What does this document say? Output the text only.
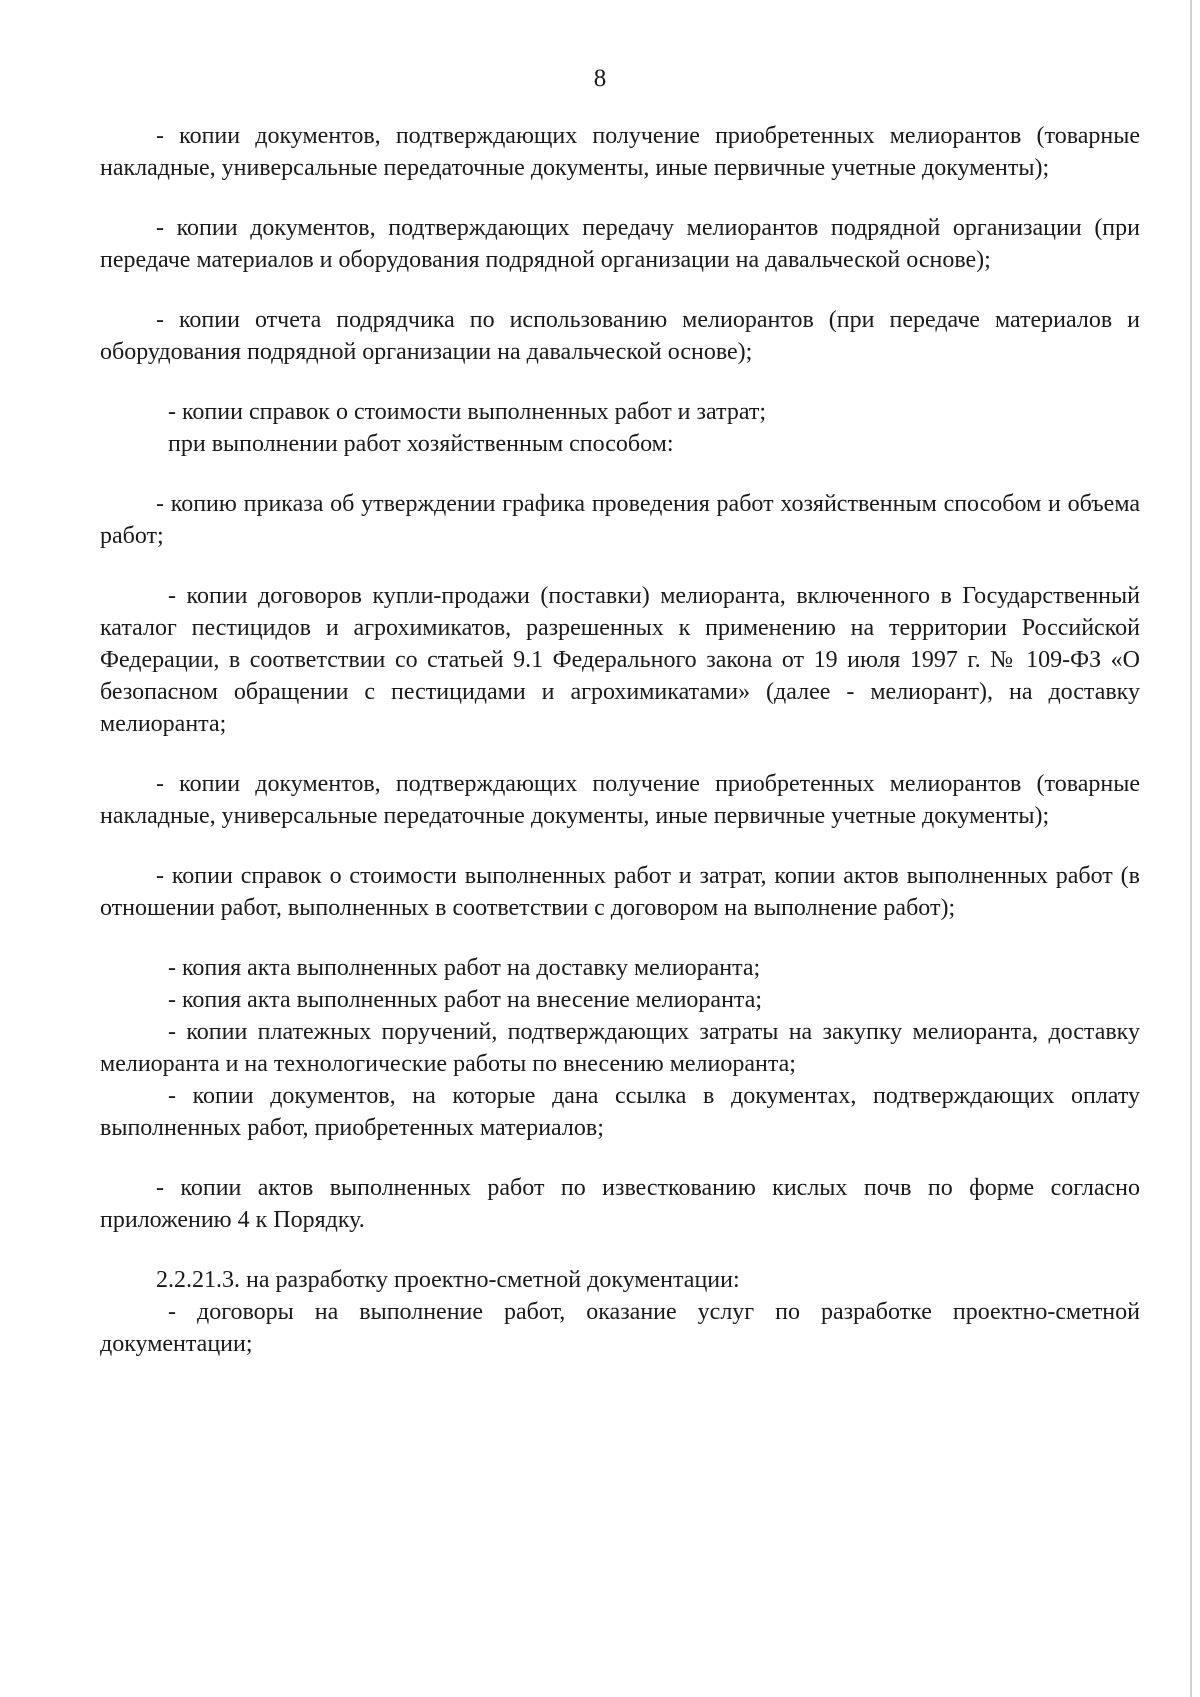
8

- копии документов, подтверждающих получение приобретенных мелиорантов (товарные накладные, универсальные передаточные документы, иные первичные учетные документы);

- копии документов, подтверждающих передачу мелиорантов подрядной организации (при передаче материалов и оборудования подрядной организации на давальческой основе);

- копии отчета подрядчика по использованию мелиорантов (при передаче материалов и оборудования подрядной организации на давальческой основе);

- копии справок о стоимости выполненных работ и затрат;

при выполнении работ хозяйственным способом:

- копию приказа об утверждении графика проведения работ хозяйственным способом и объема работ;

- копии договоров купли-продажи (поставки) мелиоранта, включенного в Государственный каталог пестицидов и агрохимикатов, разрешенных к применению на территории Российской Федерации, в соответствии со статьей 9.1 Федерального закона от 19 июля 1997 г. № 109-ФЗ «О безопасном обращении с пестицидами и агрохимикатами» (далее - мелиорант), на доставку мелиоранта;

- копии документов, подтверждающих получение приобретенных мелиорантов (товарные накладные, универсальные передаточные документы, иные первичные учетные документы);

- копии справок о стоимости выполненных работ и затрат, копии актов выполненных работ (в отношении работ, выполненных в соответствии с договором на выполнение работ);

- копия акта выполненных работ на доставку мелиоранта;

- копия акта выполненных работ на внесение мелиоранта;

- копии платежных поручений, подтверждающих затраты на закупку мелиоранта, доставку мелиоранта и на технологические работы по внесению мелиоранта;

- копии документов, на которые дана ссылка в документах, подтверждающих оплату выполненных работ, приобретенных материалов;

- копии актов выполненных работ по известкованию кислых почв по форме согласно приложению 4 к Порядку.

2.2.21.3. на разработку проектно-сметной документации:

- договоры на выполнение работ, оказание услуг по разработке проектно-сметной документации;
